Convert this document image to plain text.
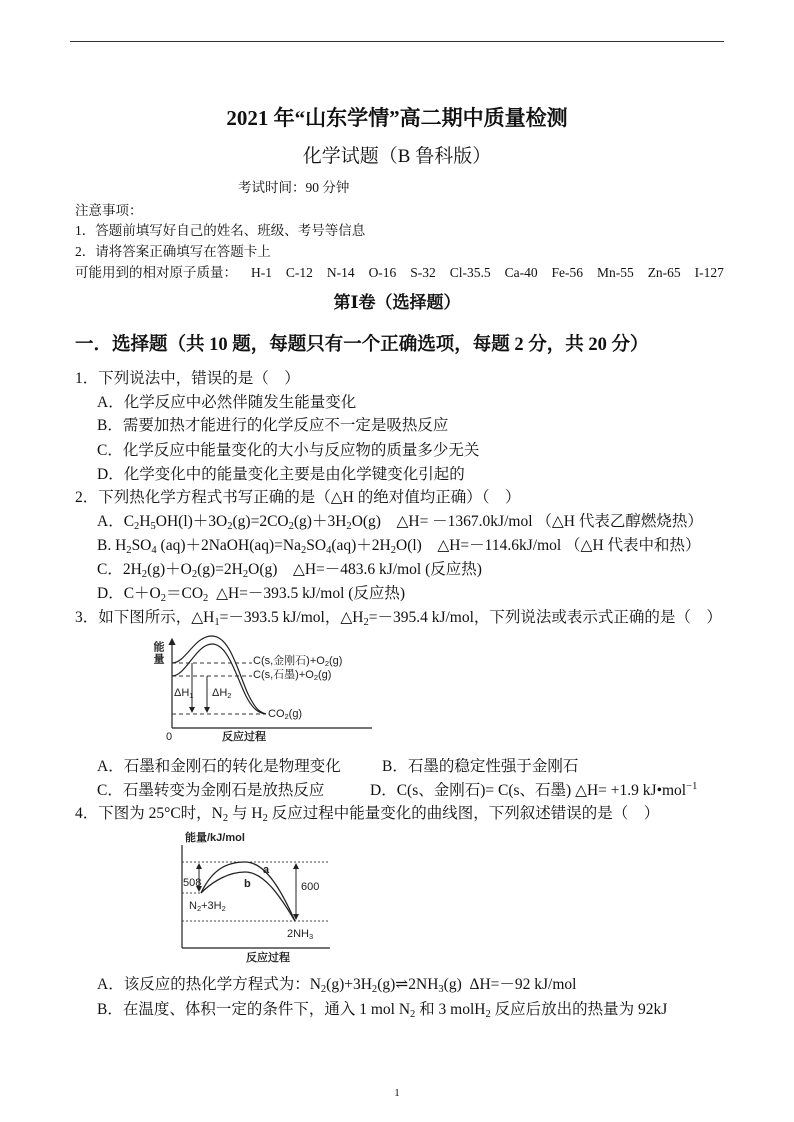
2021 年“山东学情”高二期中质量检测
化学试题（B 鲁科版）
考试时间：90 分钟
注意事项：
1．答题前填写好自己的姓名、班级、考号等信息
2．请将答案正确填写在答题卡上
可能用到的相对原子质量： H-1 C-12 N-14 O-16 S-32 Cl-35.5 Ca-40 Fe-56 Mn-55 Zn-65 I-127
第Ⅰ卷（选择题）
一．选择题（共 10 题，每题只有一个正确选项，每题 2 分，共 20 分）
1．下列说法中，错误的是（    ）
A．化学反应中必然伴随发生能量变化
B．需要加热才能进行的化学反应不一定是吸热反应
C．化学反应中能量变化的大小与反应物的质量多少无关
D．化学变化中的能量变化主要是由化学键变化引起的
2．下列热化学方程式书写正确的是（△H 的绝对值均正确）（    ）
A．$C_2H_5OH(l)+3O_2(g)=2CO_2(g)+3H_2O(g)$    △H= －1367.0kJ/mol （△H 代表乙醇燃烧热）
B. $H_2SO_4$ $(aq)+2NaOH(aq)=Na_2SO_4(aq)+2H_2O(l)$    △H=－114.6kJ/mol （△H 代表中和热）
C．$2H_2(g)+O_2(g)=2H_2O(g)$    △H=－483.6 kJ/mol (反应热)
D．$C+O_2=CO_2$  △H=－393.5 kJ/mol (反应热)
3．如下图所示，$\triangle H_1=-393.5$ kJ/mol，$\triangle H_2=-395.4$ kJ/mol，下列说法或表示式正确的是（    ）
能量
0	反应过程
C(s,金刚石)$+O_2(g)$
C(s,石墨)$+O_2(g)$
$CO_2(g)$
$\Delta H_1$ $\Delta H_2$
A．石墨和金刚石的转化是物理变化	B．石墨的稳定性强于金刚石
C．石墨转变为金刚石是放热反应	D．C(s、金刚石)= C(s、石墨) △H= +1.9 kJ•mol$^{-1}$
4．下图为 25°C时，$N_2$ 与 $H_2$ 反应过程中能量变化的曲线图，下列叙述错误的是（    ）
能量/kJ/mol
508	600
a
b
$N_2+3H_2$
$2NH_3$
反应过程
A．该反应的热化学方程式为：$N_2(g)+3H_2(g)\rightleftharpoons 2NH_3(g)$  ΔH=－92 kJ/mol
B．在温度、体积一定的条件下，通入 1 mol $N_2$ 和 3 molH$_2$ 反应后放出的热量为 92kJ
1
